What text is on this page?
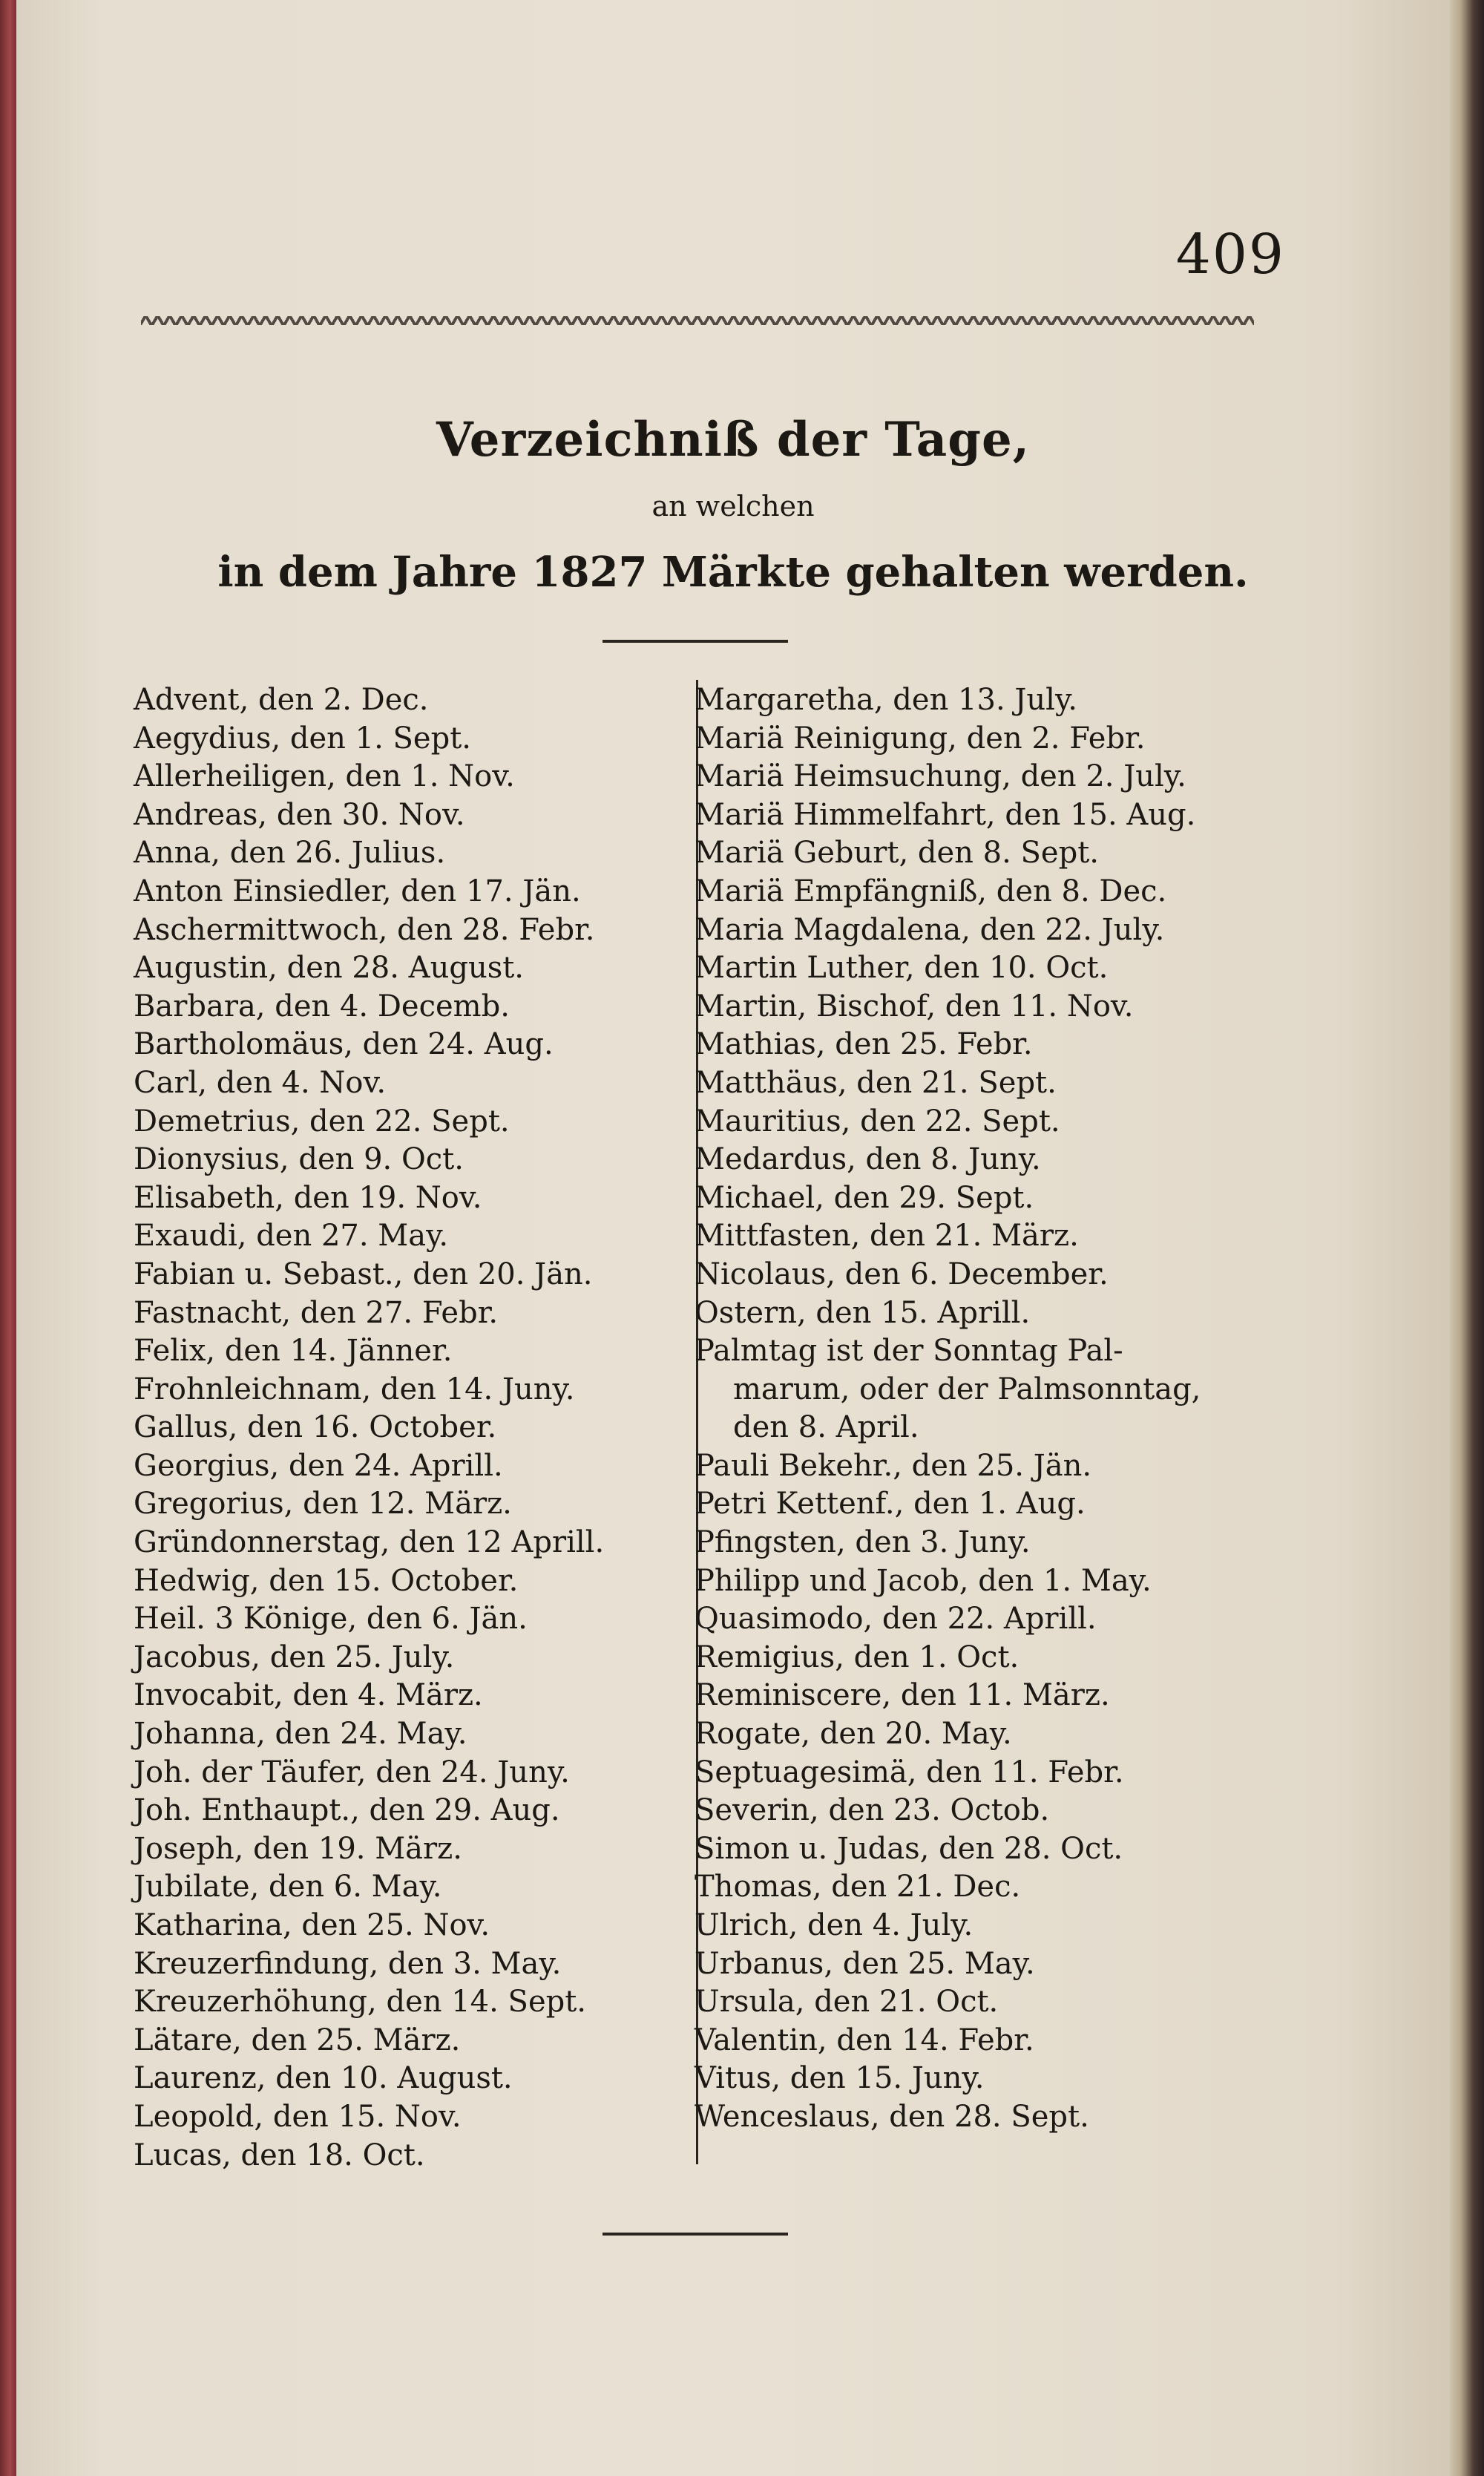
409
Verzeichniß der Tage,
an welchen
in dem Jahre 1827 Märkte gehalten werden.
Advent, den 2. Dec.
Aegydius, den 1. Sept.
Allerheiligen, den 1. Nov.
Andreas, den 30. Nov.
Anna, den 26. Julius.
Anton Einsiedler, den 17. Jän.
Aschermittwoch, den 28. Febr.
Augustin, den 28. August.
Barbara, den 4. Decemb.
Bartholomäus, den 24. Aug.
Carl, den 4. Nov.
Demetrius, den 22. Sept.
Dionysius, den 9. Oct.
Elisabeth, den 19. Nov.
Exaudi, den 27. May.
Fabian u. Sebast., den 20. Jän.
Fastnacht, den 27. Febr.
Felix, den 14. Jänner.
Frohnleichnam, den 14. Juny.
Gallus, den 16. October.
Georgius, den 24. Aprill.
Gregorius, den 12. März.
Gründonnerstag, den 12 Aprill.
Hedwig, den 15. October.
Heil. 3 Könige, den 6. Jän.
Jacobus, den 25. July.
Invocabit, den 4. März.
Johanna, den 24. May.
Joh. der Täufer, den 24. Juny.
Joh. Enthaupt., den 29. Aug.
Joseph, den 19. März.
Jubilate, den 6. May.
Katharina, den 25. Nov.
Kreuzerfindung, den 3. May.
Kreuzerhöhung, den 14. Sept.
Lätare, den 25. März.
Laurenz, den 10. August.
Leopold, den 15. Nov.
Lucas, den 18. Oct.
Margaretha, den 13. July.
Mariä Reinigung, den 2. Febr.
Mariä Heimsuchung, den 2. July.
Mariä Himmelfahrt, den 15. Aug.
Mariä Geburt, den 8. Sept.
Mariä Empfängniß, den 8. Dec.
Maria Magdalena, den 22. July.
Martin Luther, den 10. Oct.
Martin, Bischof, den 11. Nov.
Mathias, den 25. Febr.
Matthäus, den 21. Sept.
Mauritius, den 22. Sept.
Medardus, den 8. Juny.
Michael, den 29. Sept.
Mittfasten, den 21. März.
Nicolaus, den 6. December.
Ostern, den 15. Aprill.
Palmtag ist der Sonntag Pal-
marum, oder der Palmsonntag,
den 8. April.
Pauli Bekehr., den 25. Jän.
Petri Kettenf., den 1. Aug.
Pfingsten, den 3. Juny.
Philipp und Jacob, den 1. May.
Quasimodo, den 22. Aprill.
Remigius, den 1. Oct.
Reminiscere, den 11. März.
Rogate, den 20. May.
Septuagesimä, den 11. Febr.
Severin, den 23. Octob.
Simon u. Judas, den 28. Oct.
Thomas, den 21. Dec.
Ulrich, den 4. July.
Urbanus, den 25. May.
Ursula, den 21. Oct.
Valentin, den 14. Febr.
Vitus, den 15. Juny.
Wenceslaus, den 28. Sept.
